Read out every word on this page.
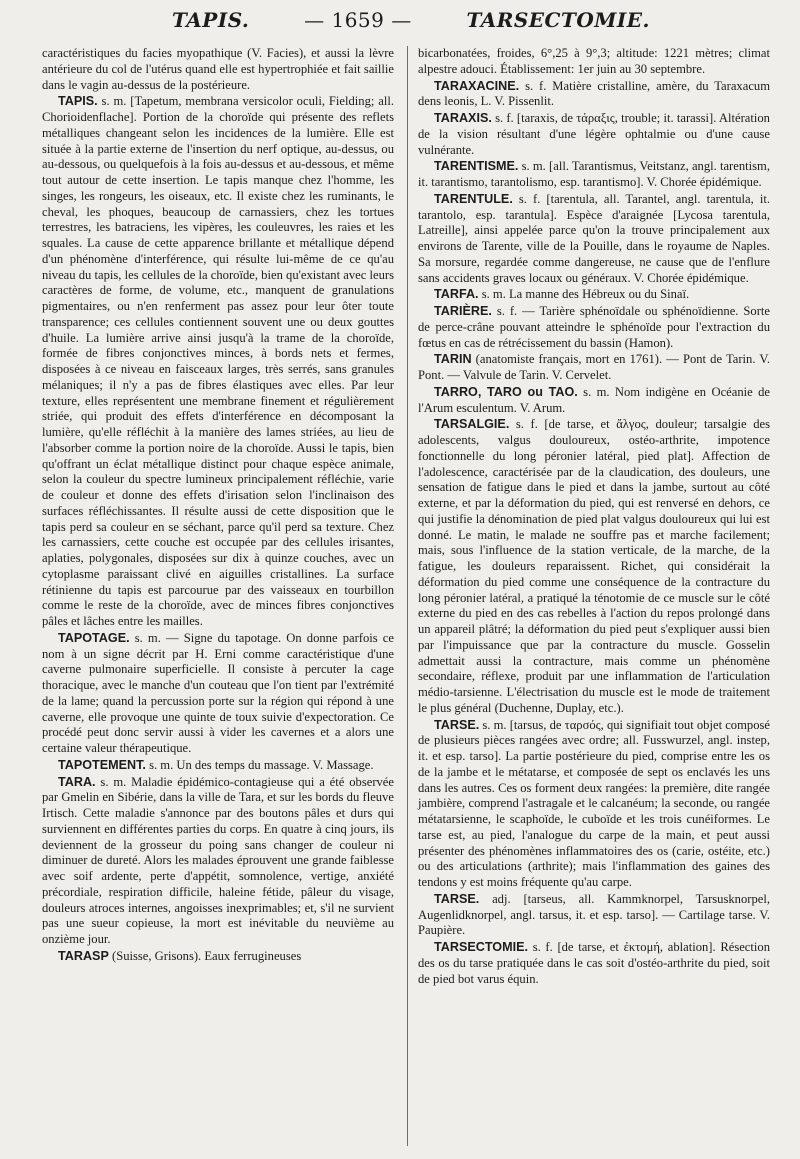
TAPIS.	— 1659 —	TARSECTOMIE.

caractéristiques du facies myopathique (V. Facies), et aussi la lèvre antérieure du col de l'utérus quand elle est hypertrophiée et fait saillie dans le vagin au-dessus de la postérieure.

TAPIS. s. m. [Tapetum, membrana versicolor oculi, Fielding; all. Chorioidenflache]. Portion de la choroïde qui présente des reflets métalliques changeant selon les incidences de la lumière. Elle est située à la partie externe de l'insertion du nerf optique, au-dessus, ou au-dessous, ou quelquefois à la fois au-dessus et au-dessous, et même tout autour de cette insertion. Le tapis manque chez l'homme, les singes, les rongeurs, les oiseaux, etc. Il existe chez les ruminants, le cheval, les phoques, beaucoup de carnassiers, chez les tortues terrestres, les batraciens, les vipères, les couleuvres, les raies et les squales. La cause de cette apparence brillante et métallique dépend d'un phénomène d'interférence, qui résulte lui-même de ce qu'au niveau du tapis, les cellules de la choroïde, bien qu'existant avec leurs caractères de forme, de volume, etc., manquent de granulations pigmentaires, ou n'en renferment pas assez pour leur ôter toute transparence; ces cellules contiennent souvent une ou deux gouttes d'huile. La lumière arrive ainsi jusqu'à la trame de la choroïde, formée de fibres conjonctives minces, à bords nets et fermes, disposées à ce niveau en faisceaux larges, très serrés, sans granules mélaniques; il n'y a pas de fibres élastiques avec elles. Par leur texture, elles représentent une membrane finement et régulièrement striée, qui produit des effets d'interférence en décomposant la lumière, qu'elle réfléchit à la manière des lames striées, au lieu de l'absorber comme la portion noire de la choroïde. Aussi le tapis, bien qu'offrant un éclat métallique distinct pour chaque espèce animale, selon la couleur du spectre lumineux principalement réfléchie, varie de couleur et donne des effets d'irisation selon l'inclinaison des surfaces réfléchissantes. Il résulte aussi de cette disposition que le tapis perd sa couleur en se séchant, parce qu'il perd sa texture. Chez les carnassiers, cette couche est occupée par des cellules irisantes, aplaties, polygonales, disposées sur dix à quinze couches, avec un cytoplasme paraissant clivé en aiguilles cristallines. La surface rétinienne du tapis est parcourue par des vaisseaux en tourbillon comme le reste de la choroïde, avec de minces fibres conjonctives pâles et lâches entre les mailles.

TAPOTAGE. s. m. — Signe du tapotage. On donne parfois ce nom à un signe décrit par H. Erni comme caractéristique d'une caverne pulmonaire superficielle. Il consiste à percuter la cage thoracique, avec le manche d'un couteau que l'on tient par l'extrémité de la lame; quand la percussion porte sur la région qui répond à une caverne, elle provoque une quinte de toux suivie d'expectoration. Ce procédé peut donc servir aussi à vider les cavernes et a alors une certaine valeur thérapeutique.

TAPOTEMENT. s. m. Un des temps du massage. V. Massage.

TARA. s. m. Maladie épidémico-contagieuse qui a été observée par Gmelin en Sibérie, dans la ville de Tara, et sur les bords du fleuve Irtisch. Cette maladie s'annonce par des boutons pâles et durs qui surviennent en différentes parties du corps. En quatre à cinq jours, ils deviennent de la grosseur du poing sans changer de couleur ni diminuer de dureté. Alors les malades éprouvent une grande faiblesse avec soif ardente, perte d'appétit, somnolence, vertige, anxiété précordiale, respiration difficile, haleine fétide, pâleur du visage, douleurs atroces internes, angoisses inexprimables; et, s'il ne survient pas une sueur copieuse, la mort est inévitable du neuvième au onzième jour.

TARASP (Suisse, Grisons). Eaux ferrugineuses

bicarbonatées, froides, 6°,25 à 9°,3; altitude: 1221 mètres; climat alpestre adouci. Établissement: 1er juin au 30 septembre.

TARAXACINE. s. f. Matière cristalline, amère, du Taraxacum dens leonis, L. V. Pissenlit.

TARAXIS. s. f. [taraxis, de τάραξις, trouble; it. tarassi]. Altération de la vision résultant d'une légère ophtalmie ou d'une cause vulnérante.

TARENTISME. s. m. [all. Tarantismus, Veitstanz, angl. tarentism, it. tarantismo, tarantolismo, esp. tarantismo]. V. Chorée épidémique.

TARENTULE. s. f. [tarentula, all. Tarantel, angl. tarentula, it. tarantolo, esp. tarantula]. Espèce d'araignée [Lycosa tarentula, Latreille], ainsi appelée parce qu'on la trouve principalement aux environs de Tarente, ville de la Pouille, dans le royaume de Naples. Sa morsure, regardée comme dangereuse, ne cause que de l'enflure sans accidents graves locaux ou généraux. V. Chorée épidémique.

TARFA. s. m. La manne des Hébreux ou du Sinaï.

TARIÈRE. s. f. — Tarière sphénoïdale ou sphénoïdienne. Sorte de perce-crâne pouvant atteindre le sphénoïde pour l'extraction du fœtus en cas de rétrécissement du bassin (Hamon).

TARIN (anatomiste français, mort en 1761). — Pont de Tarin. V. Pont. — Valvule de Tarin. V. Cervelet.

TARRO, TARO ou TAO. s. m. Nom indigène en Océanie de l'Arum esculentum. V. Arum.

TARSALGIE. s. f. [de tarse, et ἄλγος, douleur; tarsalgie des adolescents, valgus douloureux, ostéo-arthrite, impotence fonctionnelle du long péronier latéral, pied plat]. Affection de l'adolescence, caractérisée par de la claudication, des douleurs, une sensation de fatigue dans le pied et dans la jambe, surtout au côté externe, et par la déformation du pied, qui est renversé en dehors, ce qui justifie la dénomination de pied plat valgus douloureux qui lui est donné. Le matin, le malade ne souffre pas et marche facilement; mais, sous l'influence de la station verticale, de la marche, de la fatigue, les douleurs reparaissent. Richet, qui considérait la déformation du pied comme une conséquence de la contracture du long péronier latéral, a pratiqué la ténotomie de ce muscle sur le côté externe du pied en des cas rebelles à l'action du repos prolongé dans un appareil plâtré; la déformation du pied peut s'expliquer aussi bien par l'impuissance que par la contracture du muscle. Gosselin admettait aussi la contracture, mais comme un phénomène secondaire, réflexe, produit par une inflammation de l'articulation médio-tarsienne. L'électrisation du muscle est le mode de traitement le plus général (Duchenne, Duplay, etc.).

TARSE. s. m. [tarsus, de ταρσός, qui signifiait tout objet composé de plusieurs pièces rangées avec ordre; all. Fusswurzel, angl. instep, it. et esp. tarso]. La partie postérieure du pied, comprise entre les os de la jambe et le métatarse, et composée de sept os enclavés les uns dans les autres. Ces os forment deux rangées: la première, dite rangée jambière, comprend l'astragale et le calcanéum; la seconde, ou rangée métatarsienne, le scaphoïde, le cuboïde et les trois cunéiformes. Le tarse est, au pied, l'analogue du carpe de la main, et peut aussi présenter des phénomènes inflammatoires des os (carie, ostéite, etc.) ou des articulations (arthrite); mais l'inflammation des gaines des tendons y est moins fréquente qu'au carpe.

TARSE. adj. [tarseus, all. Kammknorpel, Tarsusknorpel, Augenlidknorpel, angl. tarsus, it. et esp. tarso]. — Cartilage tarse. V. Paupière.

TARSECTOMIE. s. f. [de tarse, et ἐκτομή, ablation]. Résection des os du tarse pratiquée dans le cas soit d'ostéo-arthrite du pied, soit de pied bot varus équin.
